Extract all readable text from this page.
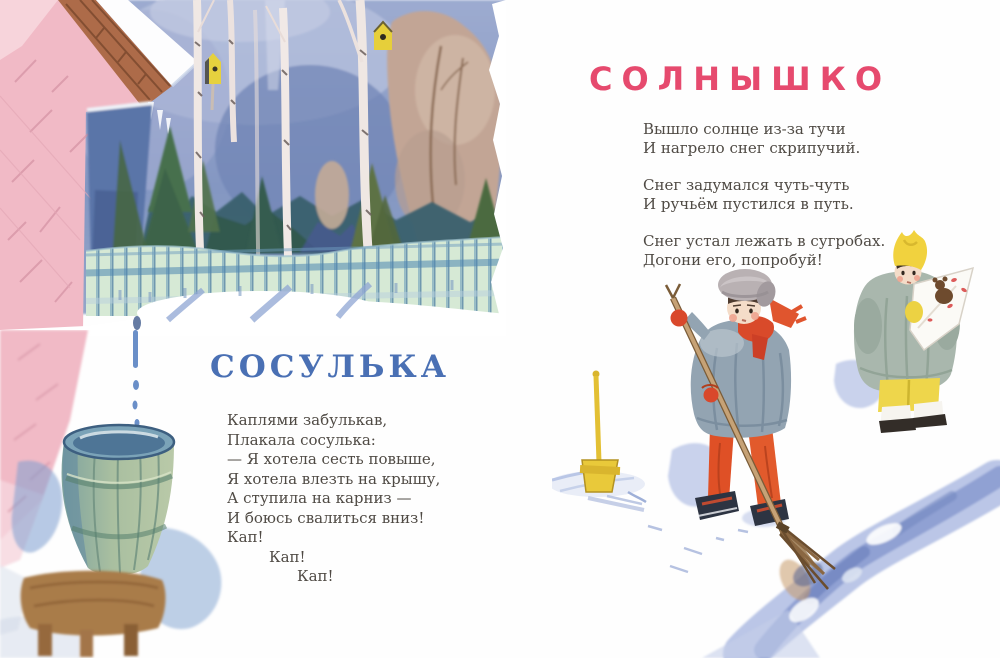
СОСУЛЬКА
Каплями забулькав,
Плакала сосулька:
— Я хотела сесть повыше,
Я хотела влезть на крышу,
А ступила на карниз —
И боюсь свалиться вниз!
Кап!
Кап!
Кап!
СОЛНЫШКО
Вышло солнце из-за тучи
И нагрело снег скрипучий.
Снег задумался чуть-чуть
И ручьём пустился в путь.
Снег устал лежать в сугробах.
Догони его, попробуй!
